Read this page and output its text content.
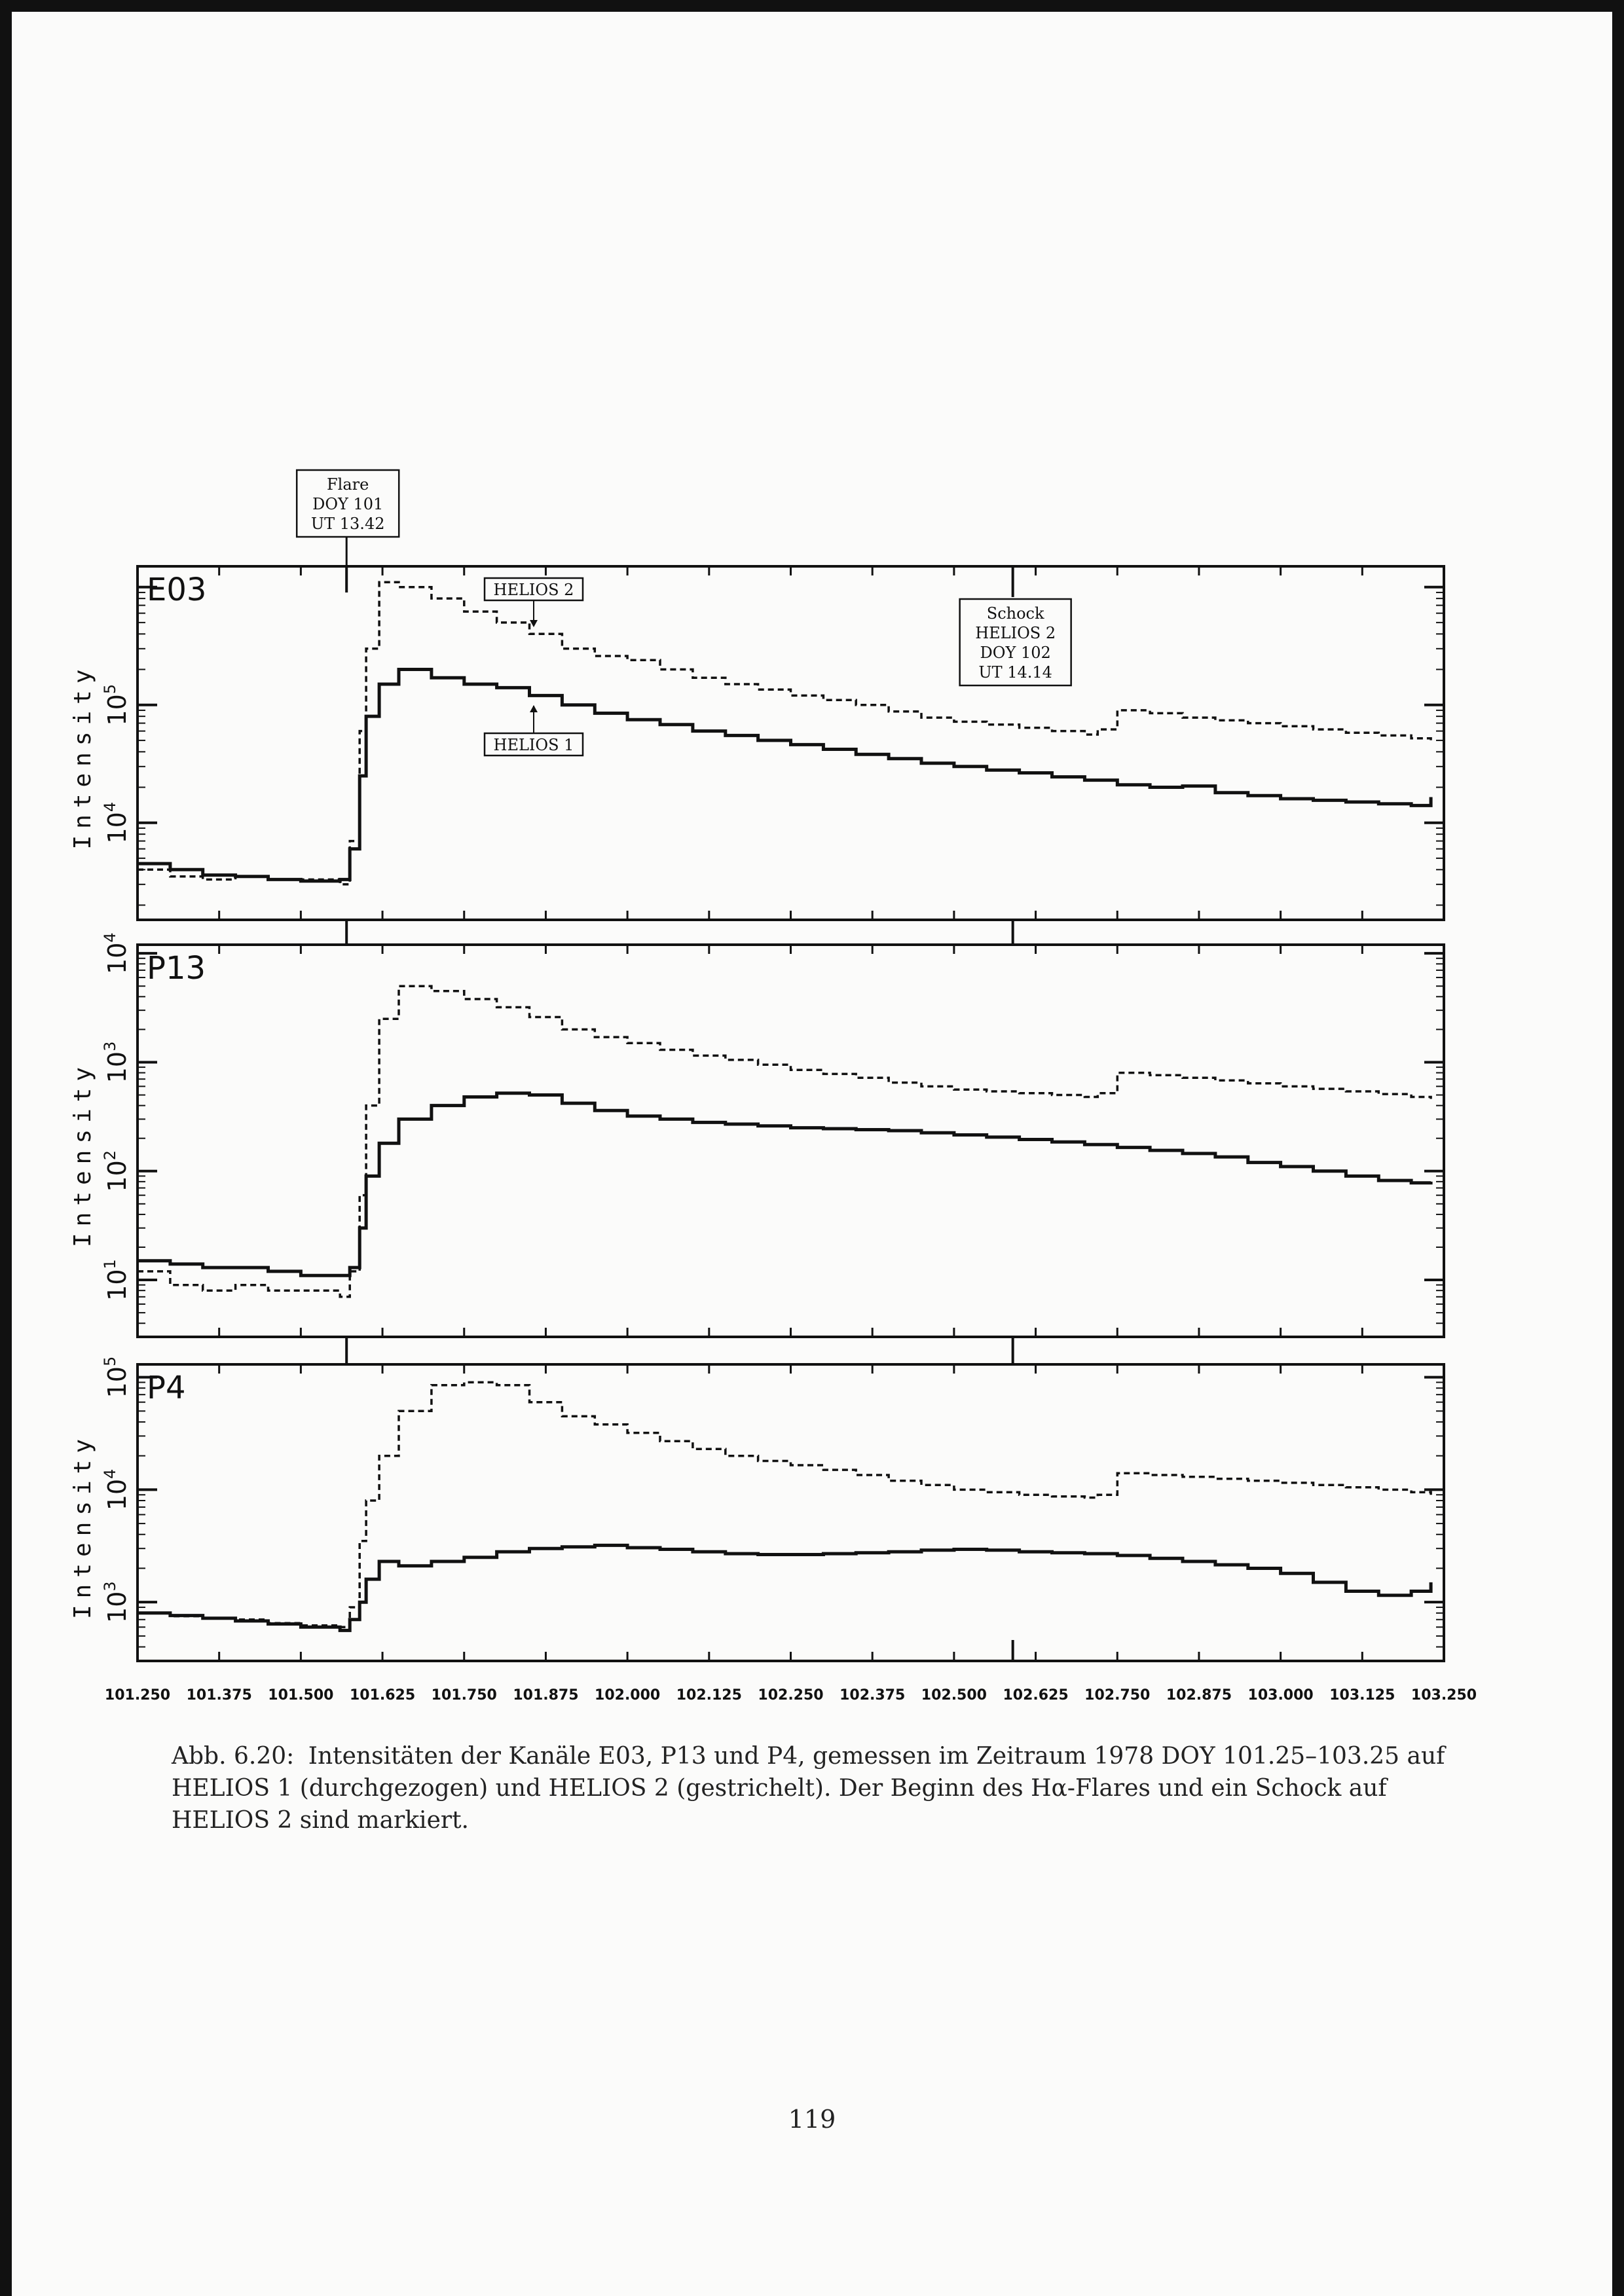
$10^5$
$10^4$
Intensity
E03
$10^4$
$10^3$
$10^2$
$10^1$
Intensity
P13
$10^5$
$10^4$
$10^3$
Intensity
P4
Flare
DOY 101
UT 13.42
Schock
HELIOS 2
DOY 102
UT 14.14
HELIOS 2
HELIOS 1
101.250 101.375 101.500 101.625 101.750 101.875 102.000 102.125 102.250 102.375 102.500 102.625 102.750 102.875 103.000 103.125 103.250
Abb. 6.20: Intensitäten der Kanäle E03, P13 und P4, gemessen im Zeitraum 1978 DOY 101.25–103.25 auf HELIOS 1 (durchgezogen) und HELIOS 2 (gestrichelt). Der Beginn des Hα-Flares und ein Schock auf HELIOS 2 sind markiert.
119
